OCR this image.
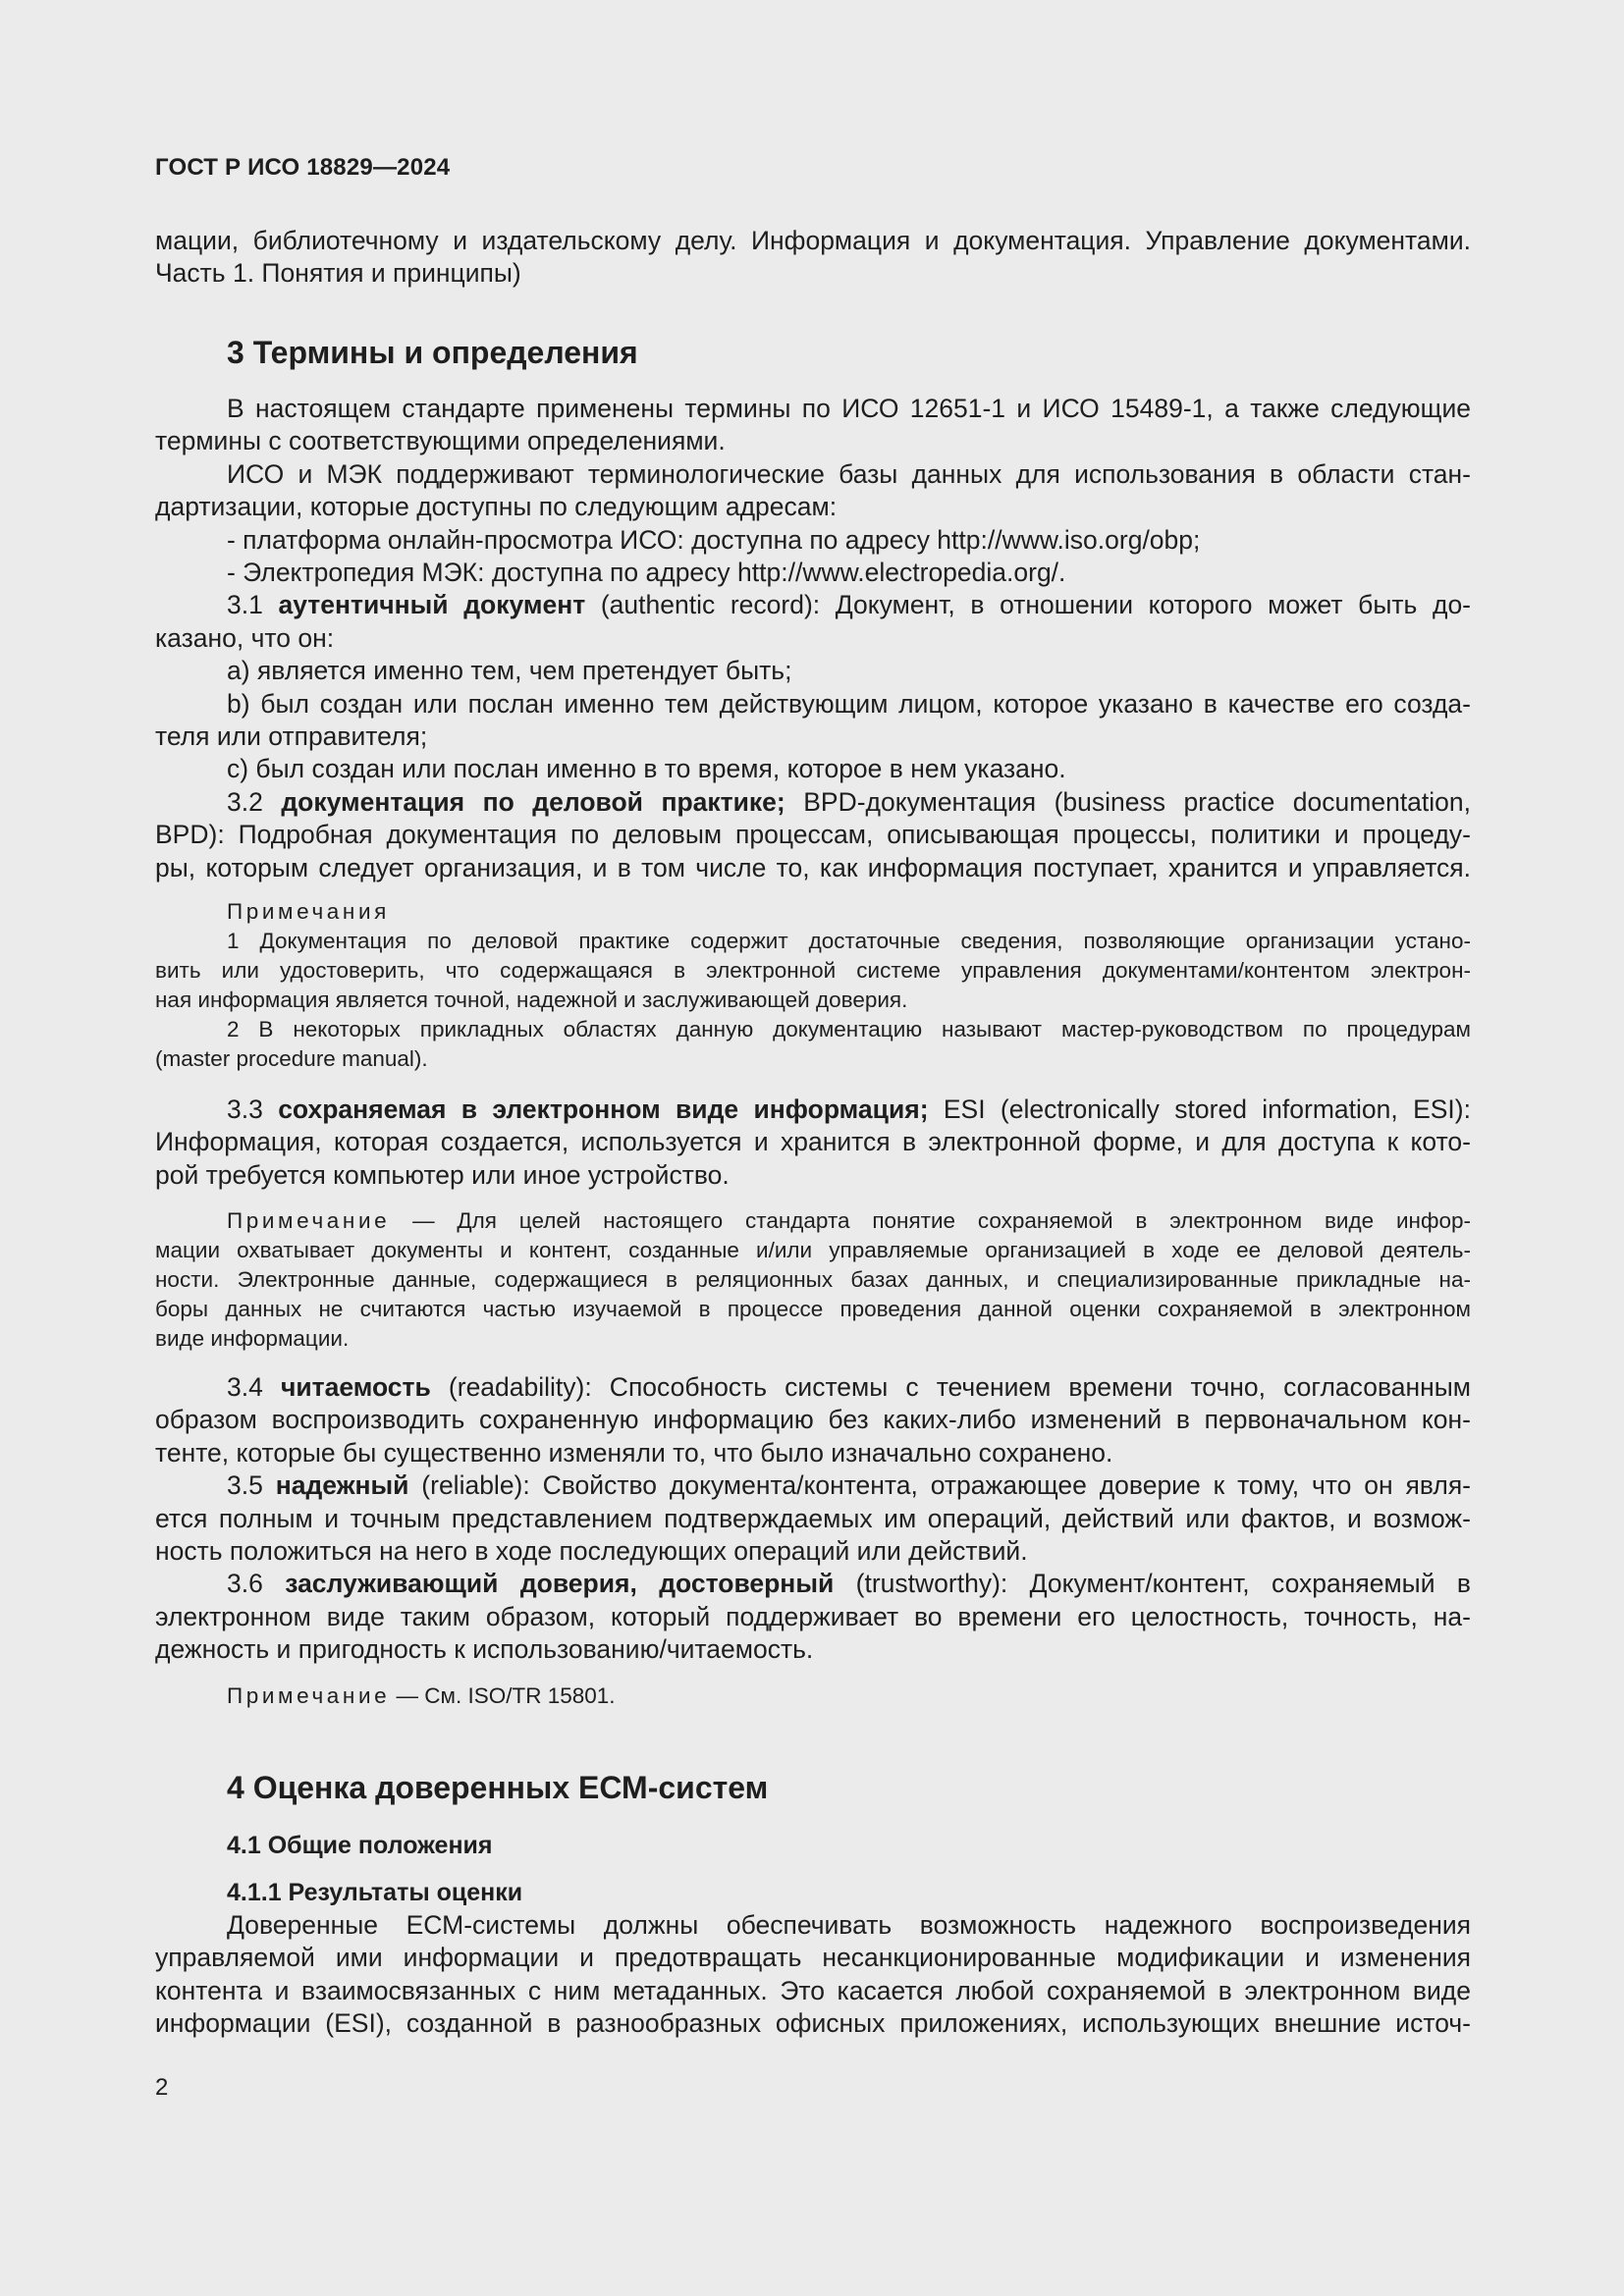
ГОСТ Р ИСО 18829—2024

мации, библиотечному и издательскому делу. Информация и документация. Управление документами.

Часть 1. Понятия и принципы)

3 Термины и определения

В настоящем стандарте применены термины по ИСО 12651-1 и ИСО 15489-1, а также следующие

термины с соответствующими определениями.

ИСО и МЭК поддерживают терминологические базы данных для использования в области стан-

дартизации, которые доступны по следующим адресам:

- платформа онлайн-просмотра ИСО: доступна по адресу http://www.iso.org/obp;

- Электропедия МЭК: доступна по адресу http://www.electropedia.org/.

3.1 аутентичный документ (authentic record): Документ, в отношении которого может быть до-

казано, что он:

a) является именно тем, чем претендует быть;

b) был создан или послан именно тем действующим лицом, которое указано в качестве его созда-

теля или отправителя;

c) был создан или послан именно в то время, которое в нем указано.

3.2 документация по деловой практике; BPD-документация (business practice documentation,

BPD): Подробная документация по деловым процессам, описывающая процессы, политики и процеду-

ры, которым следует организация, и в том числе то, как информация поступает, хранится и управляется.

Примечания

1 Документация по деловой практике содержит достаточные сведения, позволяющие организации устано-

вить или удостоверить, что содержащаяся в электронной системе управления документами/контентом электрон-

ная информация является точной, надежной и заслуживающей доверия.

2 В некоторых прикладных областях данную документацию называют мастер-руководством по процедурам

(master procedure manual).

3.3 сохраняемая в электронном виде информация; ESI (electronically stored information, ESI):

Информация, которая создается, используется и хранится в электронной форме, и для доступа к кото-

рой требуется компьютер или иное устройство.

Примечание — Для целей настоящего стандарта понятие сохраняемой в электронном виде инфор-

мации охватывает документы и контент, созданные и/или управляемые организацией в ходе ее деловой деятель-

ности. Электронные данные, содержащиеся в реляционных базах данных, и специализированные прикладные на-

боры данных не считаются частью изучаемой в процессе проведения данной оценки сохраняемой в электронном

виде информации.

3.4 читаемость (readability): Способность системы с течением времени точно, согласованным

образом воспроизводить сохраненную информацию без каких-либо изменений в первоначальном кон-

тенте, которые бы существенно изменяли то, что было изначально сохранено.

3.5 надежный (reliable): Свойство документа/контента, отражающее доверие к тому, что он явля-

ется полным и точным представлением подтверждаемых им операций, действий или фактов, и возмож-

ность положиться на него в ходе последующих операций или действий.

3.6 заслуживающий доверия, достоверный (trustworthy): Документ/контент, сохраняемый в

электронном виде таким образом, который поддерживает во времени его целостность, точность, на-

дежность и пригодность к использованию/читаемость.

Примечание — См. ISO/TR 15801.

4 Оценка доверенных ЕСМ-систем
4.1 Общие положения
4.1.1 Результаты оценки

Доверенные ЕСМ-системы должны обеспечивать возможность надежного воспроизведения

управляемой ими информации и предотвращать несанкционированные модификации и изменения

контента и взаимосвязанных с ним метаданных. Это касается любой сохраняемой в электронном виде

информации (ESI), созданной в разнообразных офисных приложениях, использующих внешние источ-

2
